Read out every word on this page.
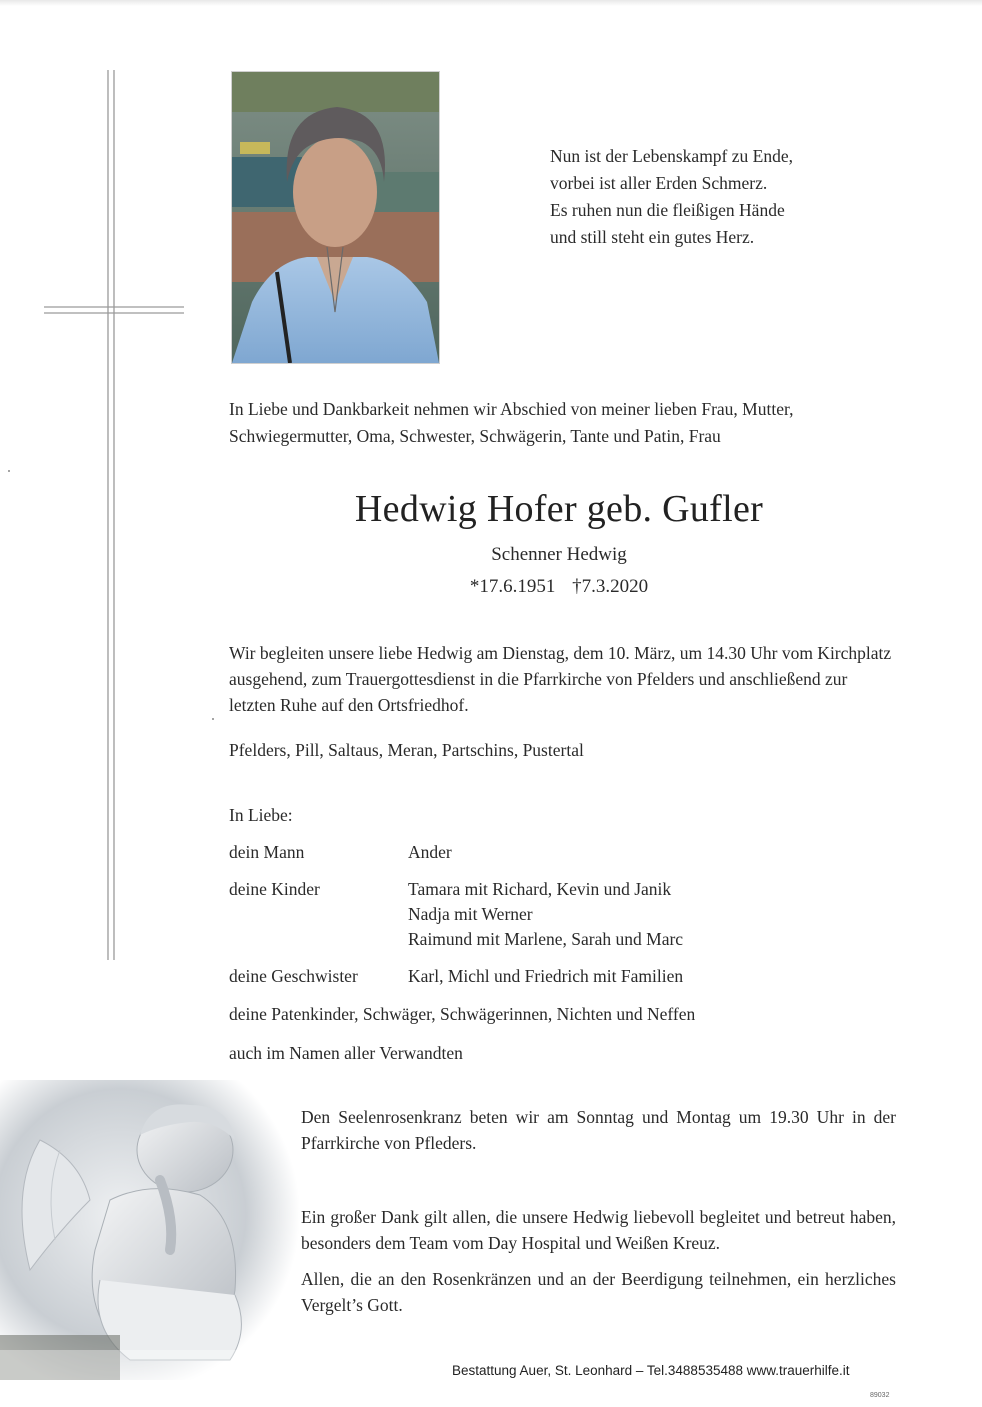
Nun ist der Lebenskampf zu Ende,
vorbei ist aller Erden Schmerz.
Es ruhen nun die fleißigen Hände
und still steht ein gutes Herz.
In Liebe und Dankbarkeit nehmen wir Abschied von meiner lieben Frau, Mutter, Schwiegermutter, Oma, Schwester, Schwägerin, Tante und Patin, Frau
Hedwig Hofer geb. Gufler
Schenner Hedwig
*17.6.1951 †7.3.2020
Wir begleiten unsere liebe Hedwig am Dienstag, dem 10. März, um 14.30 Uhr vom Kirchplatz ausgehend, zum Trauergottesdienst in die Pfarrkirche von Pfelders und anschließend zur letzten Ruhe auf den Ortsfriedhof.
Pfelders, Pill, Saltaus, Meran, Partschins, Pustertal
In Liebe:
dein Mann	Ander
deine Kinder	Tamara mit Richard, Kevin und Janik
Nadja mit Werner
Raimund mit Marlene, Sarah und Marc
deine Geschwister	Karl, Michl und Friedrich mit Familien
deine Patenkinder, Schwäger, Schwägerinnen, Nichten und Neffen
auch im Namen aller Verwandten
Den Seelenrosenkranz beten wir am Sonntag und Montag um 19.30 Uhr in der Pfarrkirche von Pfleders.
Ein großer Dank gilt allen, die unsere Hedwig liebevoll begleitet und betreut haben, besonders dem Team vom Day Hospital und Weißen Kreuz.
Allen, die an den Rosenkränzen und an der Beerdigung teilnehmen, ein herzliches Vergelt’s Gott.
Bestattung Auer, St. Leonhard – Tel.3488535488 www.trauerhilfe.it
89032
